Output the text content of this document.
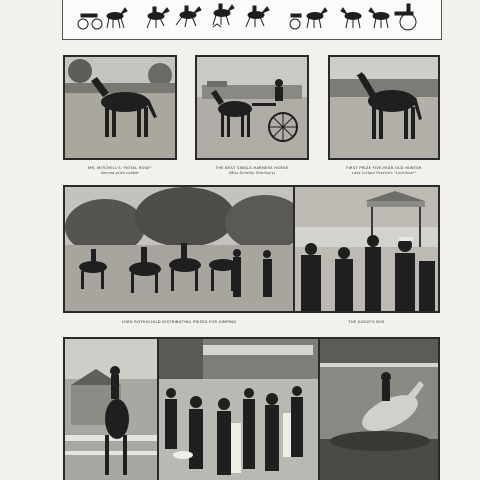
MR. MITCHELL'S "ROYAL ROSE"
Second prize cobber
THE BEST SINGLE-HARNESS HORSE
(Miss Dorothy Starling's)
FIRST PRIZE FIVE-YEAR-OLD HUNTER
Lady Lilliput Pereira's "Lochinvar"
LORD ROTHSCHILD DISTRIBUTING PRIZES FOR JUMPING	THE JUDGE'S BOX
